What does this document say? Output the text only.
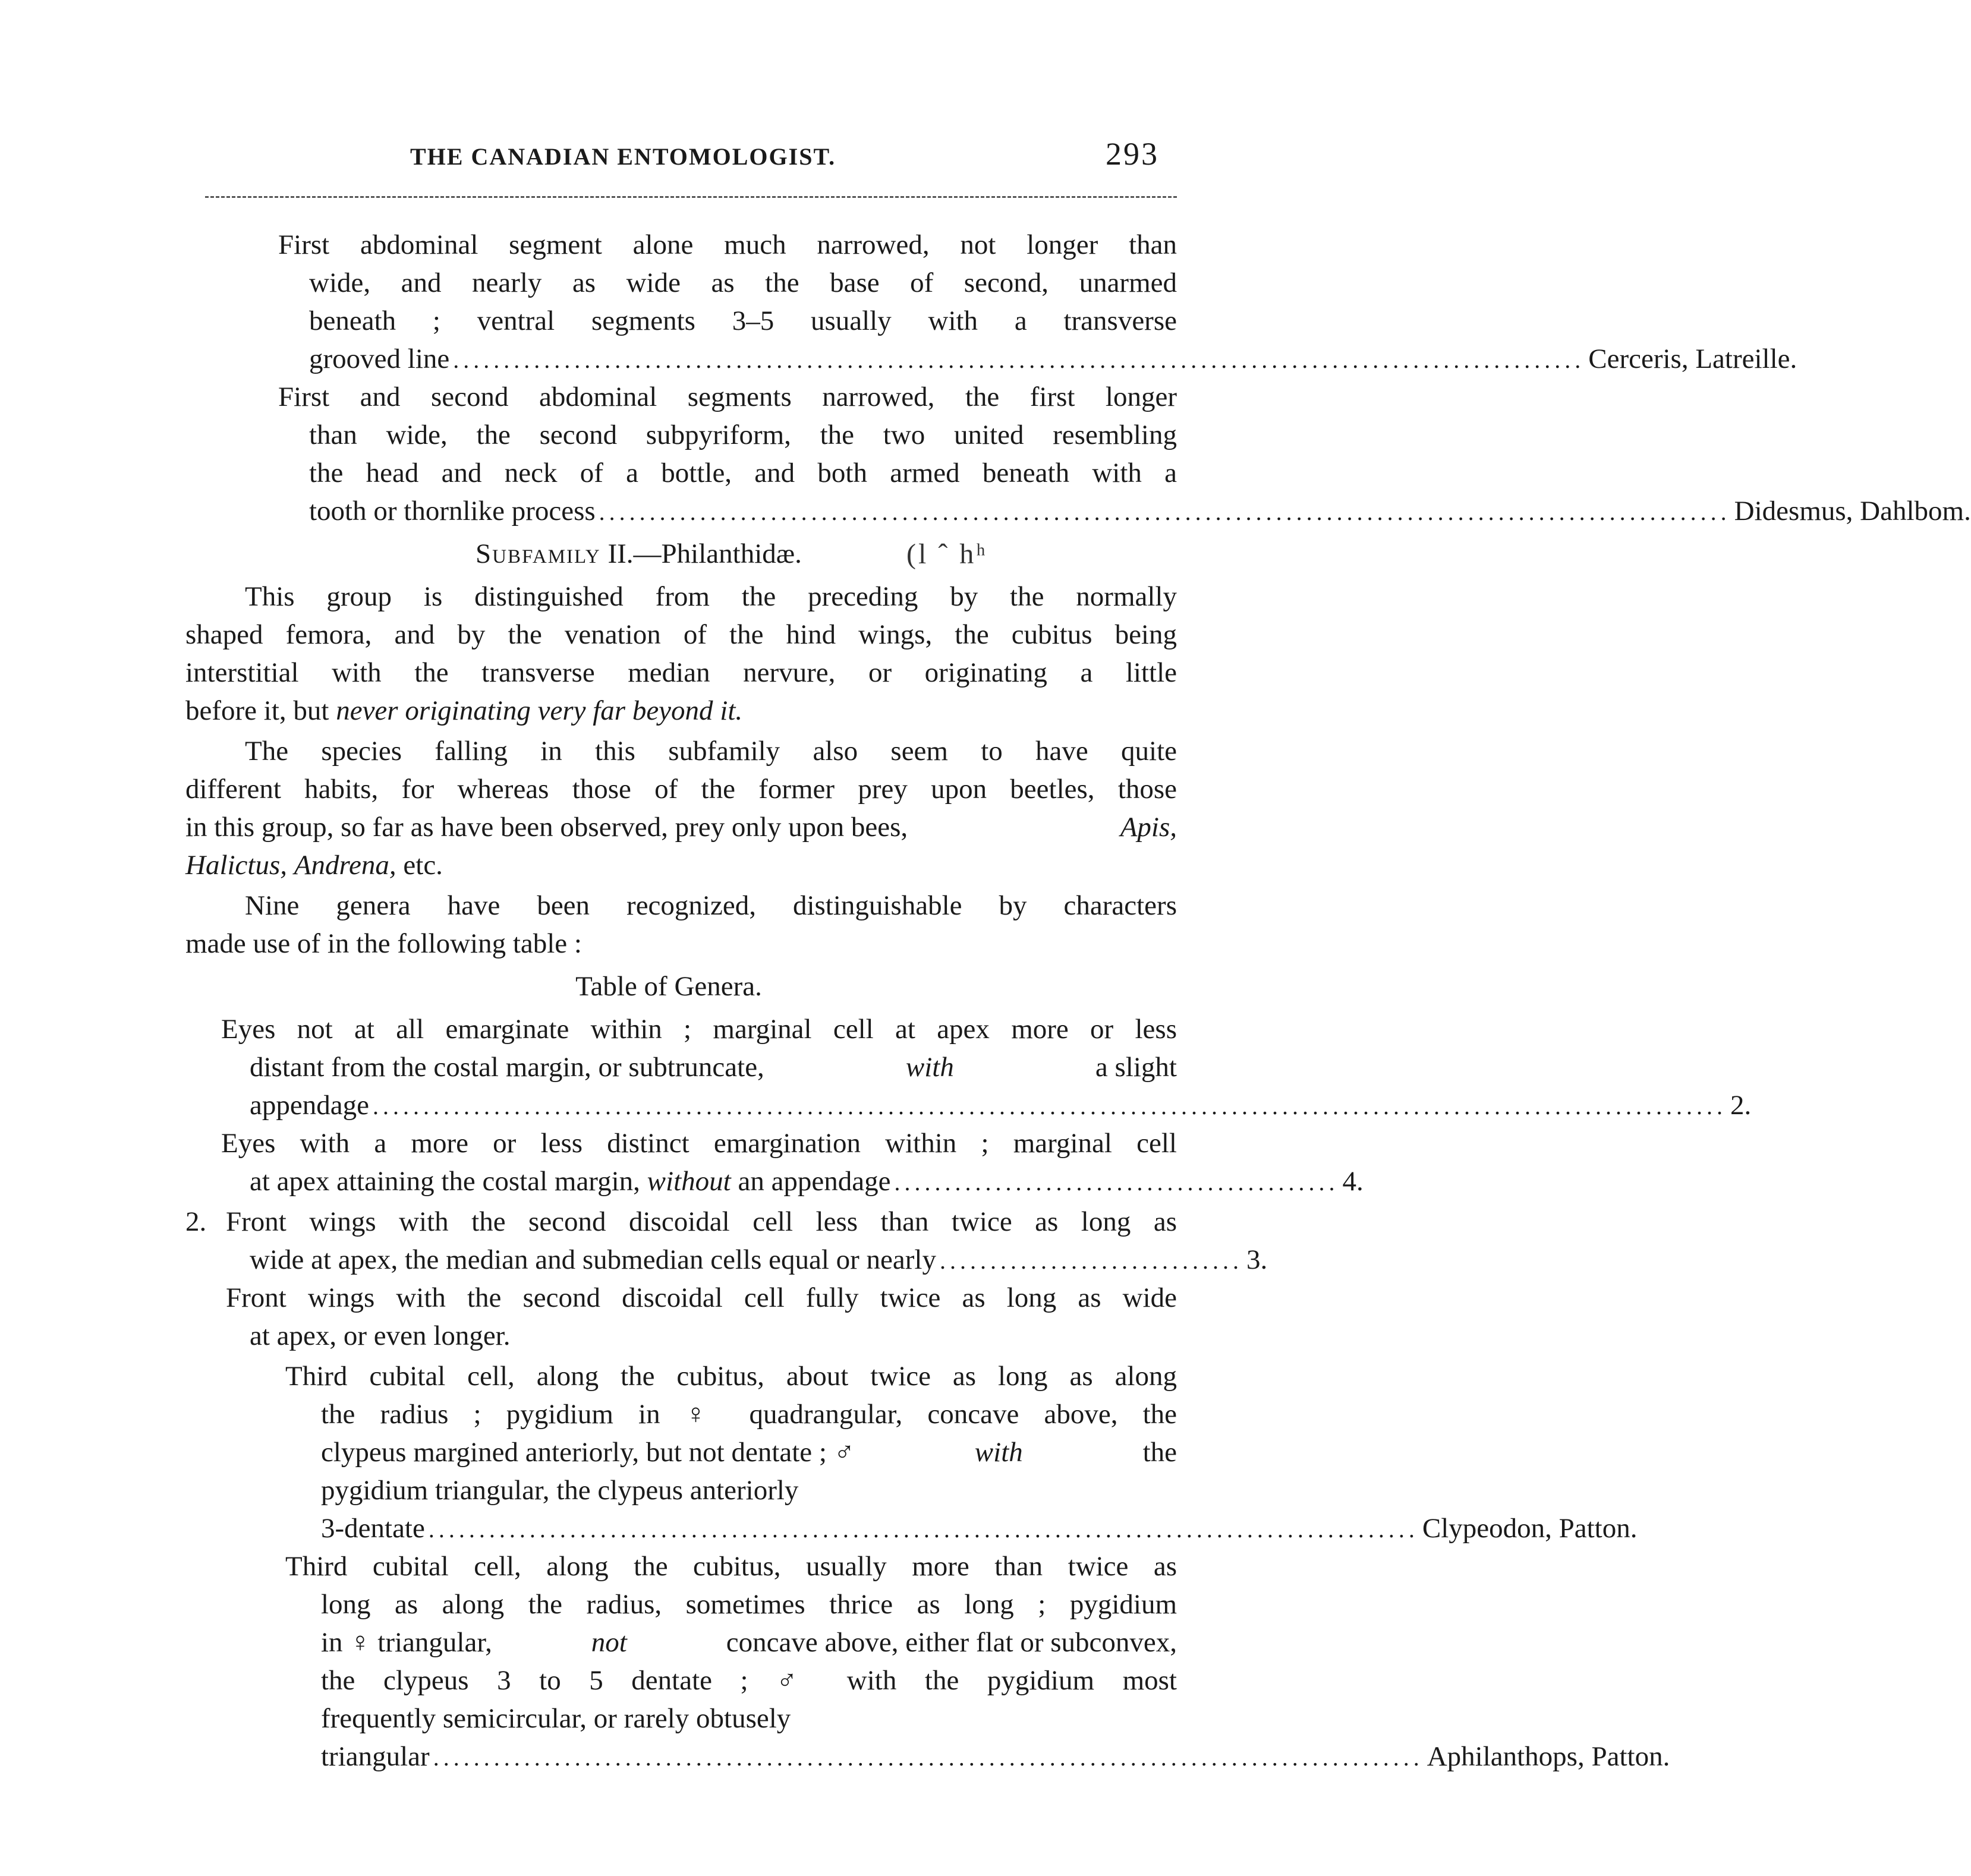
THE CANADIAN ENTOMOLOGIST.	293
First abdominal segment alone much narrowed, not longer than
wide, and nearly as wide as the base of second, unarmed
beneath ; ventral segments 3–5 usually with a transverse
grooved line ................................................................................................................ Cerceris, Latreille.
First and second abdominal segments narrowed, the first longer
than wide, the second subpyriform, the two united resembling
the head and neck of a bottle, and both armed beneath with a
tooth or thornlike process ................................................................................................................ Didesmus, Dahlbom.
Subfamily II.—Philanthidæ.	(l ˆ hʰ
This group is distinguished from the preceding by the normally
shaped femora, and by the venation of the hind wings, the cubitus being
interstitial with the transverse median nervure, or originating a little
before it, but never originating very far beyond it.
The species falling in this subfamily also seem to have quite
different habits, for whereas those of the former prey upon beetles, those
in this group, so far as have been observed, prey only upon bees,	Apis,
Halictus, Andrena, etc.
Nine genera have been recognized, distinguishable by characters
made use of in the following table :
Table of Genera.
Eyes not at all emarginate within ; marginal cell at apex more or less
distant from the costal margin, or subtruncate,	with	a slight
appendage ...................................................................................................................................... 2.
Eyes with a more or less distinct emargination within ; marginal cell
at apex attaining the costal margin, without an appendage ............................................ 4.
2. Front wings with the second discoidal cell less than twice as long as
wide at apex, the median and submedian cells equal or nearly .............................. 3.
Front wings with the second discoidal cell fully twice as long as wide
at apex, or even longer.
Third cubital cell, along the cubitus, about twice as long as along
the radius ; pygidium in ♀ quadrangular, concave above, the
clypeus margined anteriorly, but not dentate ; ♂	with	the
pygidium triangular, the clypeus anteriorly
3-dentate .................................................................................................. Clypeodon, Patton.
Third cubital cell, along the cubitus, usually more than twice as
long as along the radius, sometimes thrice as long ; pygidium
in ♀ triangular,	not	concave above, either flat or subconvex,
the clypeus 3 to 5 dentate ; ♂ with the pygidium most
frequently semicircular, or rarely obtusely
triangular .................................................................................................. Aphilanthops, Patton.
